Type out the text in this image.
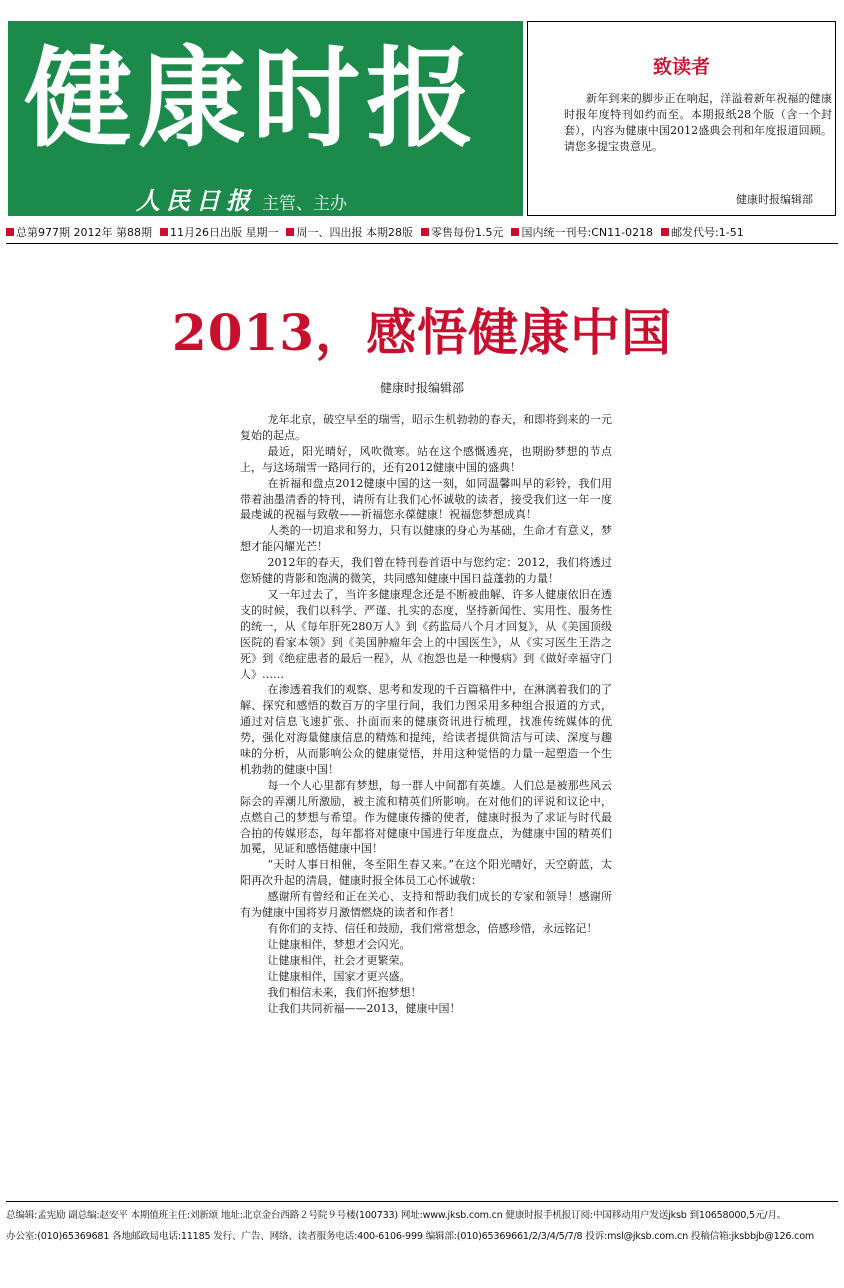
健康时报
人民日报 主管、主办
致读者
新年到来的脚步正在响起，洋溢着新年祝福的健康时报年度特刊如约而至。本期报纸28个版（含一个封套），内容为健康中国2012盛典会刊和年度报道回顾。请您多提宝贵意见。
健康时报编辑部
总第977期 2012年 第88期 11月26日出版 星期一 周一、四出报 本期28版 零售每份1.5元 国内统一刊号:CN11-0218 邮发代号:1-51
2013，感悟健康中国
健康时报编辑部

龙年北京，破空早至的瑞雪，昭示生机勃勃的春天，和即将到来的一元复始的起点。

最近，阳光晴好，风吹微寒。站在这个感慨透亮，也期盼梦想的节点上，与这场瑞雪一路同行的，还有2012健康中国的盛典！

在祈福和盘点2012健康中国的这一刻，如同温馨叫早的彩铃，我们用带着油墨清香的特刊，请所有让我们心怀诚敬的读者，接受我们这一年一度最虔诚的祝福与致敬——祈福您永葆健康！祝福您梦想成真！

人类的一切追求和努力，只有以健康的身心为基础，生命才有意义，梦想才能闪耀光芒！

2012年的春天，我们曾在特刊卷首语中与您约定：2012，我们将透过您矫健的背影和饱满的微笑，共同感知健康中国日益蓬勃的力量！

又一年过去了，当许多健康理念还是不断被曲解、许多人健康依旧在透支的时候，我们以科学、严谨、扎实的态度，坚持新闻性、实用性、服务性的统一，从《每年肝死280万人》到《药监局八个月才回复》，从《美国顶级医院的看家本领》到《美国肿瘤年会上的中国医生》，从《实习医生王浩之死》到《绝症患者的最后一程》，从《抱怨也是一种慢病》到《做好幸福守门人》……

在渗透着我们的观察、思考和发现的千百篇稿件中，在淋漓着我们的了解、探究和感悟的数百万的字里行间，我们力图采用多种组合报道的方式，通过对信息飞速扩张、扑面而来的健康资讯进行梳理，找准传统媒体的优势，强化对海量健康信息的精炼和提纯，给读者提供简洁与可读、深度与趣味的分析，从而影响公众的健康觉悟，并用这种觉悟的力量一起塑造一个生机勃勃的健康中国！

每一个人心里都有梦想，每一群人中间都有英雄。人们总是被那些风云际会的弄潮儿所激励，被主流和精英们所影响。在对他们的评说和议论中，点燃自己的梦想与希望。作为健康传播的使者，健康时报为了求证与时代最合拍的传媒形态，每年都将对健康中国进行年度盘点，为健康中国的精英们加冕，见证和感悟健康中国！

“天时人事日相催，冬至阳生春又来。”在这个阳光晴好，天空蔚蓝，太阳再次升起的清晨，健康时报全体员工心怀诚敬：

感谢所有曾经和正在关心、支持和帮助我们成长的专家和领导！感谢所有为健康中国将岁月激情燃烧的读者和作者！

有你们的支持、信任和鼓励，我们常常想念，倍感珍惜，永远铭记！

让健康相伴，梦想才会闪光。

让健康相伴，社会才更繁荣。

让健康相伴，国家才更兴盛。

我们相信未来，我们怀抱梦想！

让我们共同祈福——2013，健康中国！

总编辑:孟宪励 副总编:赵安平 本期值班主任:刘新颂 地址:北京金台西路２号院９号楼(100733) 网址:www.jksb.com.cn 健康时报手机报订阅:中国移动用户发送jksb 到10658000,5元/月。
办公室:(010)65369681 各地邮政局电话:11185 发行、广告、网络、读者服务电话:400-6106-999 编辑部:(010)65369661/2/3/4/5/7/8 投诉:msl@jksb.com.cn 投稿信箱:jksbbjb@126.com
